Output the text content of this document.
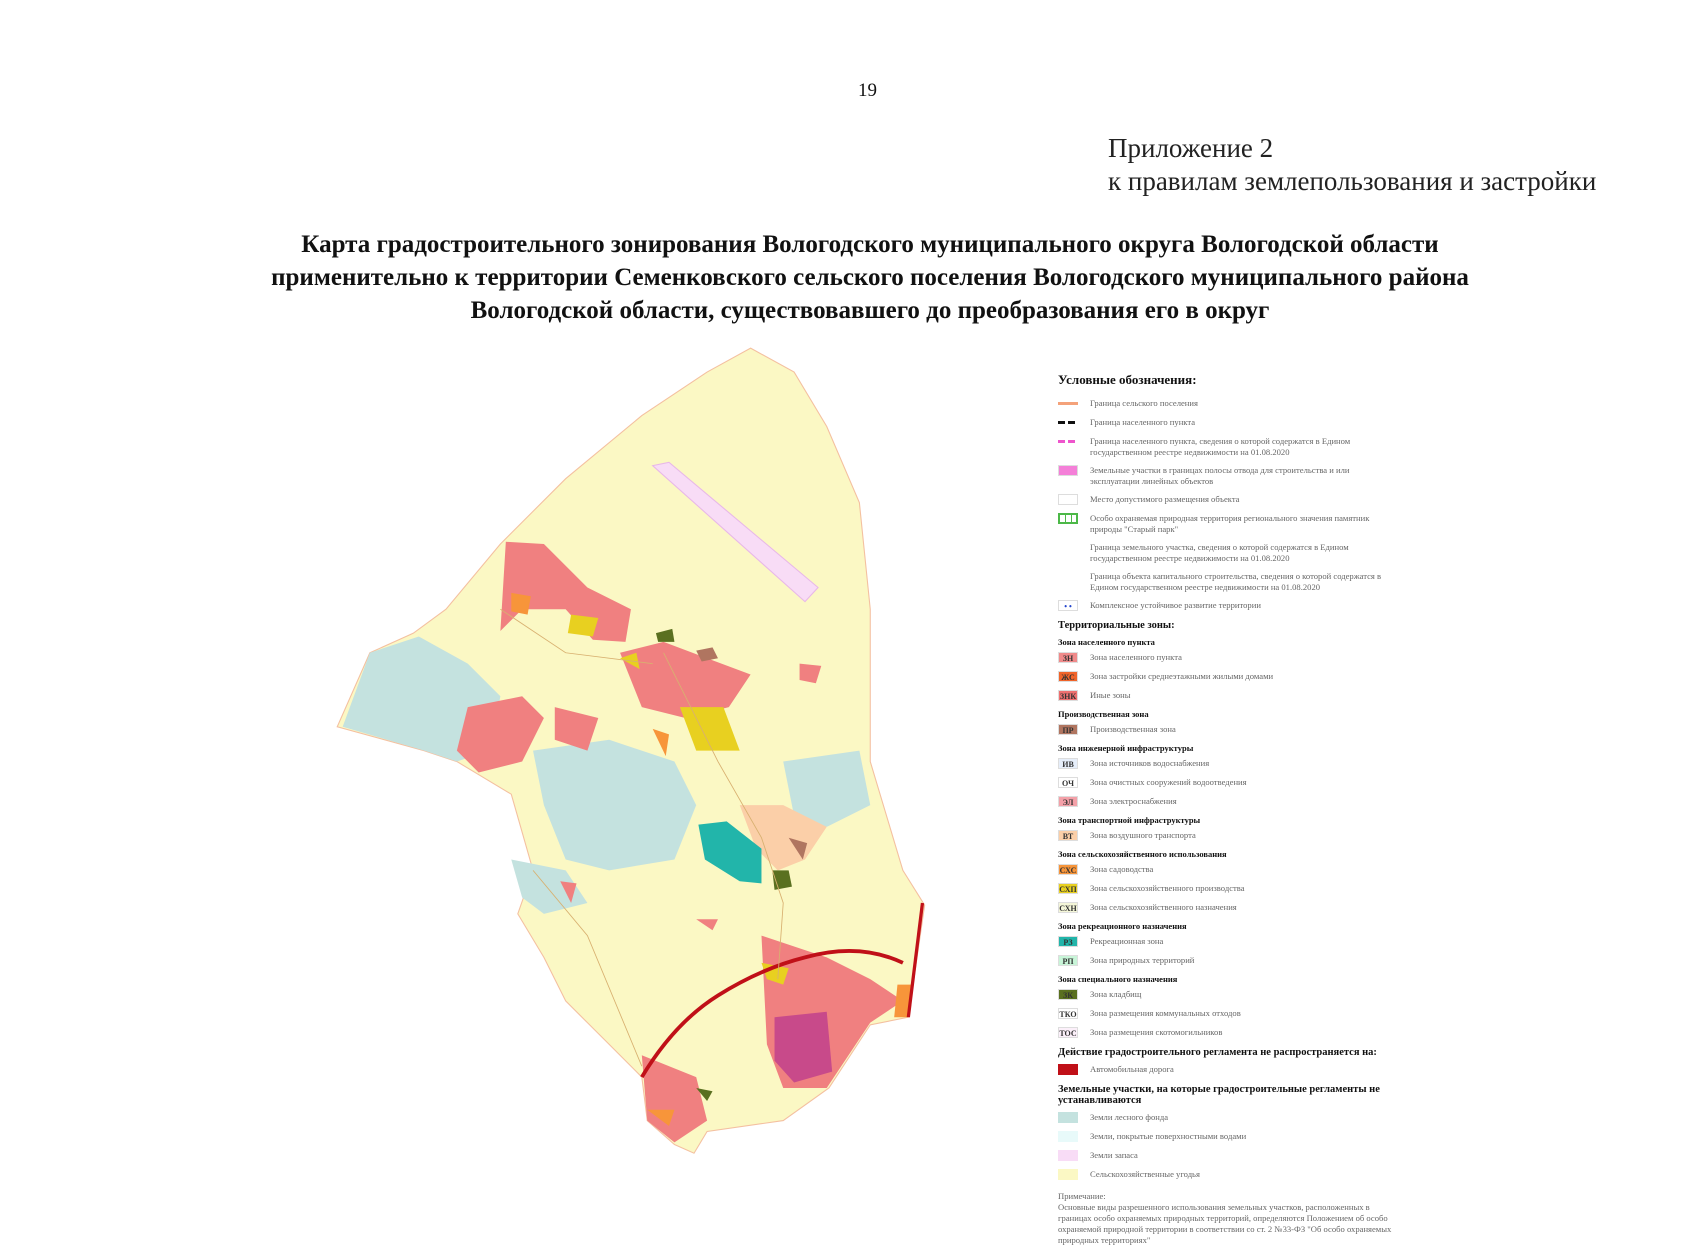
19
Приложение 2
к правилам землепользования и застройки
Карта градостроительного зонирования Вологодского муниципального округа Вологодской области
применительно к территории Семенковского сельского поселения Вологодского муниципального района
Вологодской области, существовавшего до преобразования его в округ
Условные обозначения:
Граница сельского поселения
Граница населенного пункта
Граница населенного пункта, сведения о которой содержатся в Едином государственном реестре недвижимости на 01.08.2020
Земельные участки в границах полосы отвода для строительства и или эксплуатации линейных объектов
Место допустимого размещения объекта
Особо охраняемая природная территория регионального значения памятник природы "Старый парк"
Граница земельного участка, сведения о которой содержатся в Едином государственном реестре недвижимости на 01.08.2020
Граница объекта капитального строительства, сведения о которой содержатся в Едином государственном реестре недвижимости на 01.08.2020
• •	Комплексное устойчивое развитие территории
Территориальные зоны:
Зона населенного пункта
ЗН	Зона населенного пункта
ЖС	Зона застройки среднеэтажными жилыми домами
ЗНК Иные зоны
Производственная зона
ПР	Производственная зона
Зона инженерной инфраструктуры
ИВ	Зона источников водоснабжения
ОЧ	Зона очистных сооружений водоотведения
ЭЛ	Зона электроснабжения
Зона транспортной инфраструктуры
ВТ	Зона воздушного транспорта
Зона сельскохозяйственного использования
СХС Зона садоводства
СХП Зона сельскохозяйственного производства
СХН Зона сельскохозяйственного назначения
Зона рекреационного назначения
РЗ	Рекреационная зона
РП	Зона природных территорий
Зона специального назначения
ЗК	Зона кладбищ
ТКО Зона размещения коммунальных отходов
ТОС Зона размещения скотомогильников
Действие градостроительного регламента не распространяется на:
Автомобильная дорога
Земельные участки, на которые градостроительные регламенты не устанавливаются
Земли лесного фонда
Земли, покрытые поверхностными водами
Земли запаса
Сельскохозяйственные угодья
Примечание:
Основные виды разрешенного использования земельных участков, расположенных в границах особо охраняемых природных территорий, определяются Положением об особо охраняемой природной территории в соответствии со ст. 2 №33-ФЗ "Об особо охраняемых природных территориях"
